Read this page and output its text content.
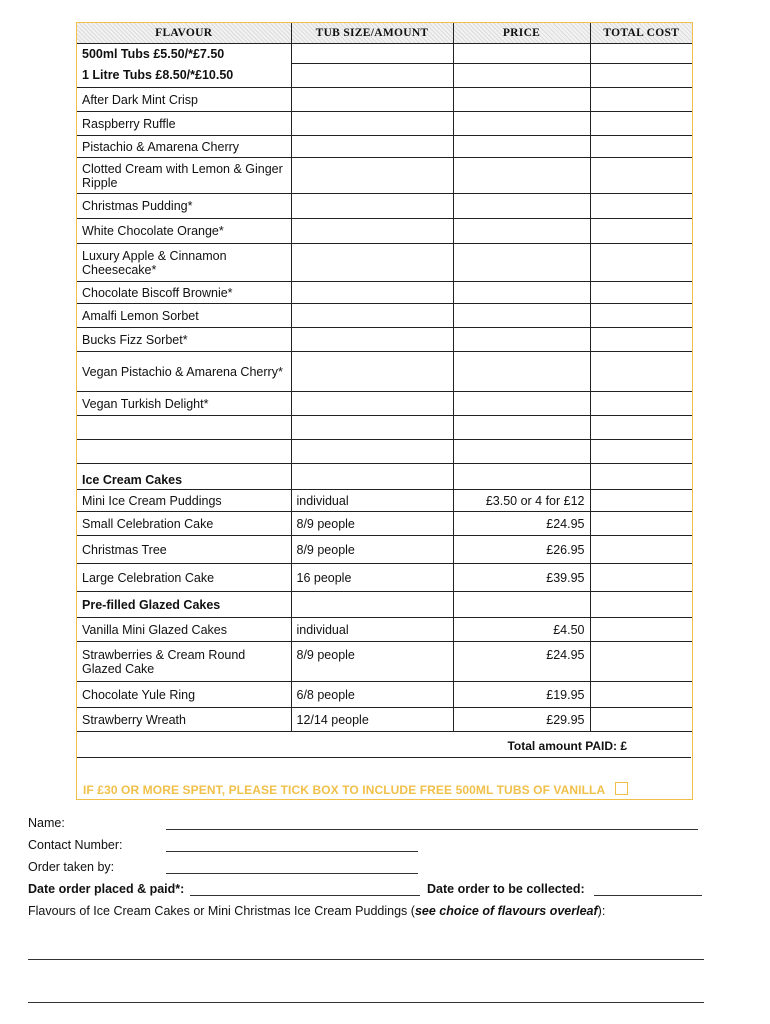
FLAVOUR	TUB SIZE/AMOUNT	PRICE	TOTAL COST
500ml Tubs £5.50/*£7.50			
1 Litre Tubs £8.50/*£10.50			
After Dark Mint Crisp			
Raspberry Ruffle			
Pistachio & Amarena Cherry			
Clotted Cream with Lemon & Ginger Ripple			
Christmas Pudding*			
White Chocolate Orange*			
Luxury Apple & Cinnamon Cheesecake*			
Chocolate Biscoff Brownie*			
Amalfi Lemon Sorbet			
Bucks Fizz Sorbet*			
Vegan Pistachio & Amarena Cherry*			
Vegan Turkish Delight*			

Ice Cream Cakes			
Mini Ice Cream Puddings	individual	£3.50 or 4 for £12	
Small Celebration Cake	8/9 people	£24.95	
Christmas Tree	8/9 people	£26.95	
Large Celebration Cake	16 people	£39.95	
Pre-filled Glazed Cakes			
Vanilla Mini Glazed Cakes	individual	£4.50	
Strawberries & Cream Round Glazed Cake	8/9 people	£24.95	
Chocolate Yule Ring	6/8 people	£19.95	
Strawberry Wreath	12/14 people	£29.95	
Total amount PAID: £
IF £30 OR MORE SPENT, PLEASE TICK BOX TO INCLUDE FREE 500ML TUBS OF VANILLA
Name:
Contact Number:
Order taken by:
Date order placed & paid*:	Date order to be collected:
Flavours of Ice Cream Cakes or Mini Christmas Ice Cream Puddings (see choice of flavours overleaf):
